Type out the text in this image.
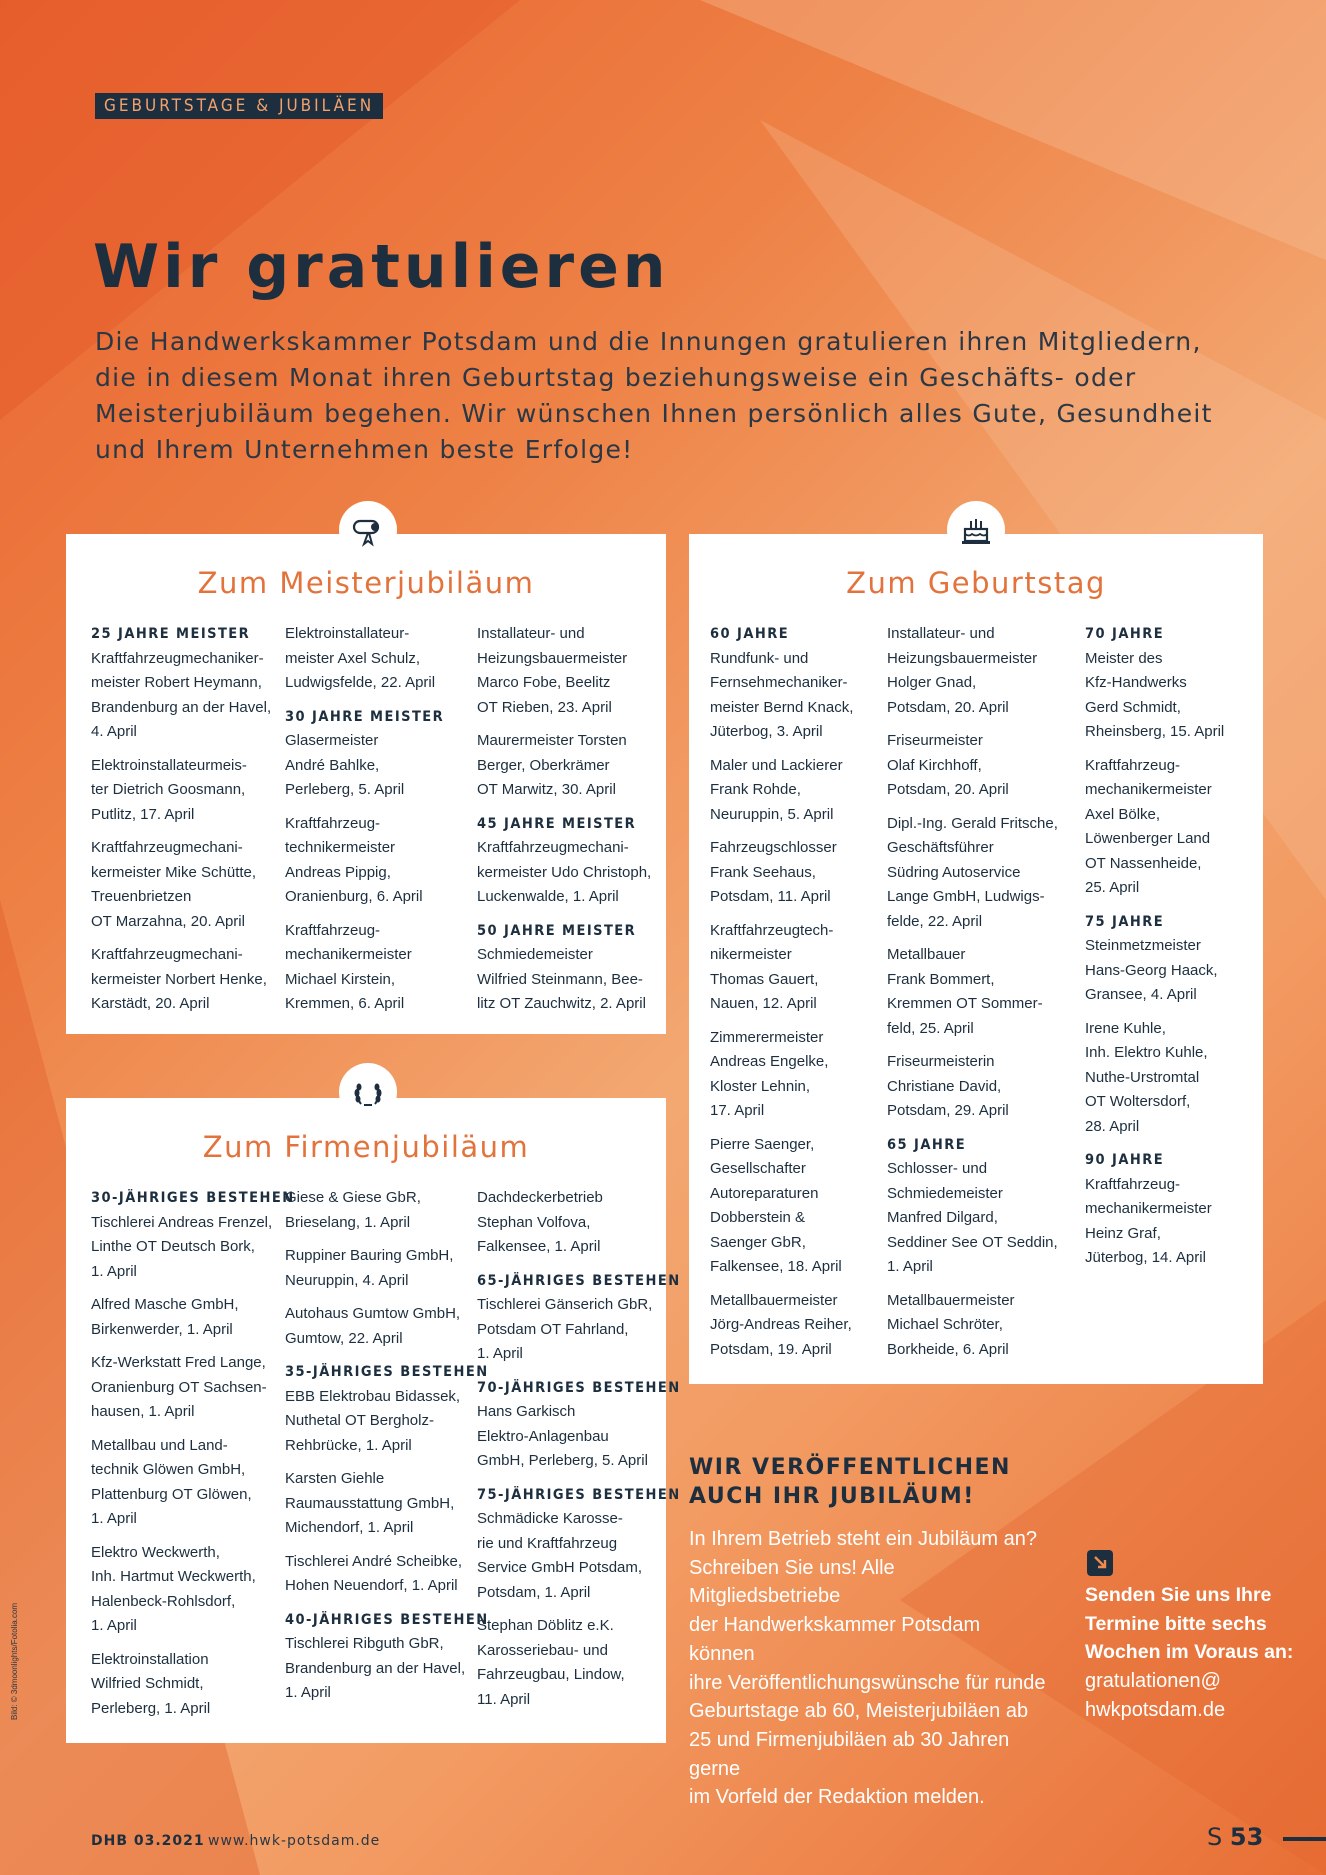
GEBURTSTAGE & JUBILÄEN
Wir gratulieren

Die Handwerkskammer Potsdam und die Innungen gratulieren ihren Mitgliedern, die in diesem Monat ihren Geburtstag beziehungsweise ein Geschäfts- oder Meisterjubiläum begehen. Wir wünschen Ihnen persönlich alles Gute, Gesundheit und Ihrem Unternehmen beste Erfolge!

Zum Meisterjubiläum

25 JAHRE MEISTER

Kraftfahrzeugmechaniker-
meister Robert Heymann,
Brandenburg an der Havel,
4. April

Elektroinstallateurmeis-
ter Dietrich Goosmann,
Putlitz, 17. April

Kraftfahrzeugmechani-
kermeister Mike Schütte,
Treuenbrietzen
OT Marzahna, 20. April

Kraftfahrzeugmechani-
kermeister Norbert Henke,
Karstädt, 20. April

Elektroinstallateur-
meister Axel Schulz,
Ludwigsfelde, 22. April

30 JAHRE MEISTER

Glasermeister
André Bahlke,
Perleberg, 5. April

Kraftfahrzeug-
technikermeister
Andreas Pippig,
Oranienburg, 6. April

Kraftfahrzeug-
mechanikermeister
Michael Kirstein,
Kremmen, 6. April

Installateur- und
Heizungsbauermeister
Marco Fobe, Beelitz
OT Rieben, 23. April

Maurermeister Torsten
Berger, Oberkrämer
OT Marwitz, 30. April

45 JAHRE MEISTER

Kraftfahrzeugmechani-
kermeister Udo Christoph,
Luckenwalde, 1. April

50 JAHRE MEISTER

Schmiedemeister
Wilfried Steinmann, Bee-
litz OT Zauchwitz, 2. April

Zum Geburtstag

60 JAHRE

Rundfunk- und
Fernsehmechaniker-
meister Bernd Knack,
Jüterbog, 3. April

Maler und Lackierer
Frank Rohde,
Neuruppin, 5. April

Fahrzeugschlosser
Frank Seehaus,
Potsdam, 11. April

Kraftfahrzeugtech-
nikermeister
Thomas Gauert,
Nauen, 12. April

Zimmerermeister
Andreas Engelke,
Kloster Lehnin,
17. April

Pierre Saenger,
Gesellschafter
Autoreparaturen
Dobberstein &
Saenger GbR,
Falkensee, 18. April

Metallbauermeister
Jörg-Andreas Reiher,
Potsdam, 19. April

Installateur- und
Heizungsbauermeister
Holger Gnad,
Potsdam, 20. April

Friseurmeister
Olaf Kirchhoff,
Potsdam, 20. April

Dipl.-Ing. Gerald Fritsche,
Geschäftsführer
Südring Autoservice
Lange GmbH, Ludwigs-
felde, 22. April

Metallbauer
Frank Bommert,
Kremmen OT Sommer-
feld, 25. April

Friseurmeisterin
Christiane David,
Potsdam, 29. April

65 JAHRE

Schlosser- und
Schmiedemeister
Manfred Dilgard,
Seddiner See OT Seddin,
1. April

Metallbauermeister
Michael Schröter,
Borkheide, 6. April

70 JAHRE

Meister des
Kfz-Handwerks
Gerd Schmidt,
Rheinsberg, 15. April

Kraftfahrzeug-
mechanikermeister
Axel Bölke,
Löwenberger Land
OT Nassenheide,
25. April

75 JAHRE

Steinmetzmeister
Hans-Georg Haack,
Gransee, 4. April

Irene Kuhle,
Inh. Elektro Kuhle,
Nuthe-Urstromtal
OT Woltersdorf,
28. April

90 JAHRE

Kraftfahrzeug-
mechanikermeister
Heinz Graf,
Jüterbog, 14. April

Zum Firmenjubiläum

30-JÄHRIGES BESTEHEN

Tischlerei Andreas Frenzel,
Linthe OT Deutsch Bork,
1. April

Alfred Masche GmbH,
Birkenwerder, 1. April

Kfz-Werkstatt Fred Lange,
Oranienburg OT Sachsen-
hausen, 1. April

Metallbau und Land-
technik Glöwen GmbH,
Plattenburg OT Glöwen,
1. April

Elektro Weckwerth,
Inh. Hartmut Weckwerth,
Halenbeck-Rohlsdorf,
1. April

Elektroinstallation
Wilfried Schmidt,
Perleberg, 1. April

Giese & Giese GbR,
Brieselang, 1. April

Ruppiner Bauring GmbH,
Neuruppin, 4. April

Autohaus Gumtow GmbH,
Gumtow, 22. April

35-JÄHRIGES BESTEHEN

EBB Elektrobau Bidassek,
Nuthetal OT Bergholz-
Rehbrücke, 1. April

Karsten Giehle
Raumausstattung GmbH,
Michendorf, 1. April

Tischlerei André Scheibke,
Hohen Neuendorf, 1. April

40-JÄHRIGES BESTEHEN

Tischlerei Ribguth GbR,
Brandenburg an der Havel,
1. April

Dachdeckerbetrieb
Stephan Volfova,
Falkensee, 1. April

65-JÄHRIGES BESTEHEN

Tischlerei Gänserich GbR,
Potsdam OT Fahrland,
1. April

70-JÄHRIGES BESTEHEN

Hans Garkisch
Elektro-Anlagenbau
GmbH, Perleberg, 5. April

75-JÄHRIGES BESTEHEN

Schmädicke Karosse-
rie und Kraftfahrzeug
Service GmbH Potsdam,
Potsdam, 1. April

Stephan Döblitz e.K.
Karosseriebau- und
Fahrzeugbau, Lindow,
11. April

WIR VERÖFFENTLICHEN
AUCH IHR JUBILÄUM!

In Ihrem Betrieb steht ein Jubiläum an?
Schreiben Sie uns! Alle Mitgliedsbetriebe
der Handwerkskammer Potsdam können
ihre Veröffentlichungswünsche für runde
Geburtstage ab 60, Meisterjubiläen ab
25 und Firmenjubiläen ab 30 Jahren gerne
im Vorfeld der Redaktion melden.

Senden Sie uns Ihre
Termine bitte sechs
Wochen im Voraus an:

gratulationen@
hwkpotsdam.de

Bild: © 3dmoonlights/Fotolia.com
DHB 03.2021 www.hwk-potsdam.de	S 53
